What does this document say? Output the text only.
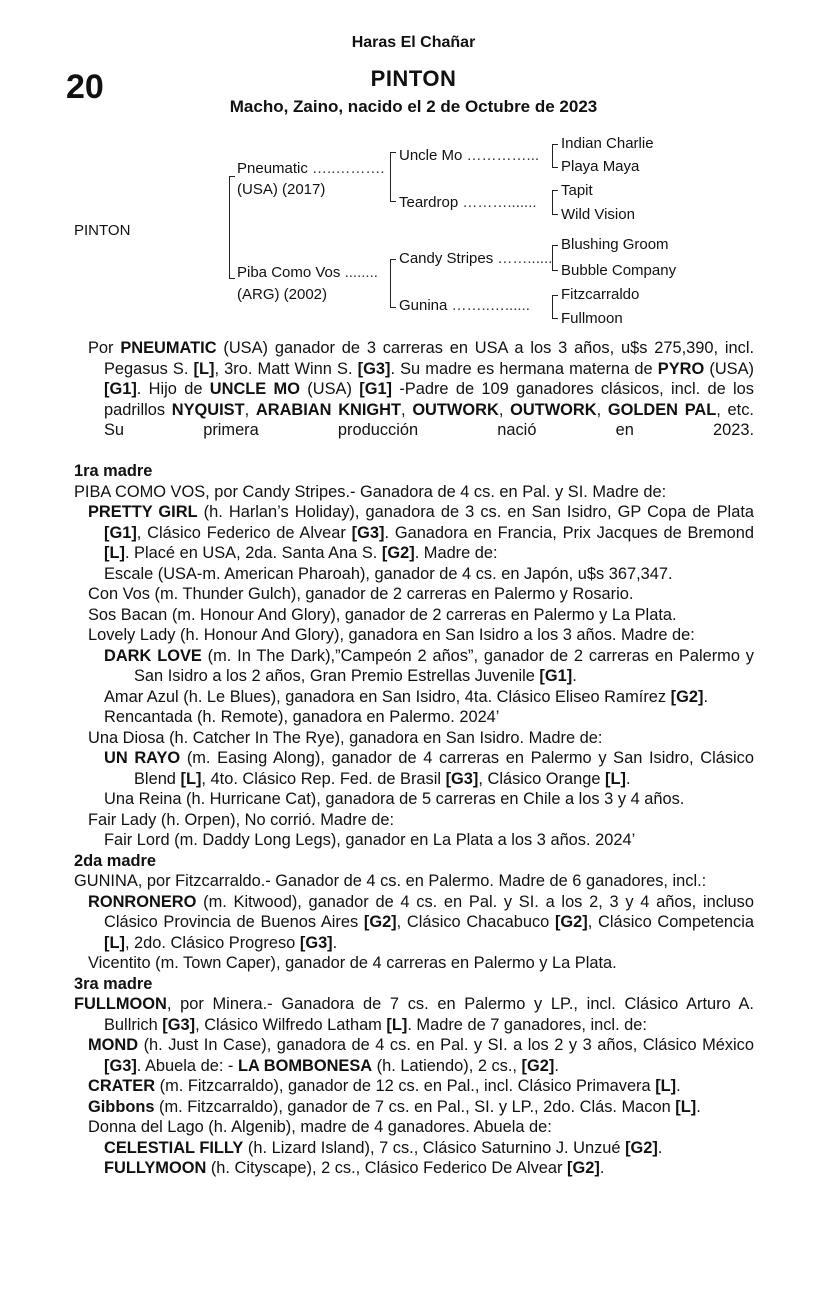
Haras El Chañar
20	PINTON
Macho, Zaino, nacido el 2 de Octubre de 2023
PINTON
Pneumatic …..……….
(USA) (2017)
Piba Como Vos ........
(ARG) (2002)
Uncle Mo …………...
Teardrop ……….......
Candy Stripes ……......
Gunina ……..…......
Indian Charlie
Playa Maya
Tapit
Wild Vision
Blushing Groom
Bubble Company
Fitzcarraldo
Fullmoon

Por PNEUMATIC (USA) ganador de 3 carreras en USA a los 3 años, u$s 275,390, incl. Pegasus S. [L], 3ro. Matt Winn S. [G3]. Su madre es hermana materna de PYRO (USA) [G1]. Hijo de UNCLE MO (USA) [G1] -Padre de 109 ganadores clásicos, incl. de los padrillos NYQUIST, ARABIAN KNIGHT, OUTWORK, OUTWORK, GOLDEN PAL, etc. Su primera producción nació en 2023.

1ra madre

PIBA COMO VOS, por Candy Stripes.- Ganadora de 4 cs. en Pal. y SI. Madre de:

PRETTY GIRL (h. Harlan’s Holiday), ganadora de 3 cs. en San Isidro, GP Copa de Plata [G1], Clásico Federico de Alvear [G3]. Ganadora en Francia, Prix Jacques de Bremond [L]. Placé en USA, 2da. Santa Ana S. [G2]. Madre de:

Escale (USA-m. American Pharoah), ganador de 4 cs. en Japón, u$s 367,347.

Con Vos (m. Thunder Gulch), ganador de 2 carreras en Palermo y Rosario.

Sos Bacan (m. Honour And Glory), ganador de 2 carreras en Palermo y La Plata.

Lovely Lady (h. Honour And Glory), ganadora en San Isidro a los 3 años. Madre de:

DARK LOVE (m. In The Dark),”Campeón 2 años”, ganador de 2 carreras en Palermo y San Isidro a los 2 años, Gran Premio Estrellas Juvenile [G1].

Amar Azul (h. Le Blues), ganadora en San Isidro, 4ta. Clásico Eliseo Ramírez [G2].

Rencantada (h. Remote), ganadora en Palermo. 2024’

Una Diosa (h. Catcher In The Rye), ganadora en San Isidro. Madre de:

UN RAYO (m. Easing Along), ganador de 4 carreras en Palermo y San Isidro, Clásico Blend [L], 4to. Clásico Rep. Fed. de Brasil [G3], Clásico Orange [L].

Una Reina (h. Hurricane Cat), ganadora de 5 carreras en Chile a los 3 y 4 años.

Fair Lady (h. Orpen), No corrió. Madre de:

Fair Lord (m. Daddy Long Legs), ganador en La Plata a los 3 años. 2024’

2da madre

GUNINA, por Fitzcarraldo.- Ganador de 4 cs. en Palermo. Madre de 6 ganadores, incl.:

RONRONERO (m. Kitwood), ganador de 4 cs. en Pal. y SI. a los 2, 3 y 4 años, incluso Clásico Provincia de Buenos Aires [G2], Clásico Chacabuco [G2], Clásico Competencia [L], 2do. Clásico Progreso [G3].

Vicentito (m. Town Caper), ganador de 4 carreras en Palermo y La Plata.

3ra madre

FULLMOON, por Minera.- Ganadora de 7 cs. en Palermo y LP., incl. Clásico Arturo A. Bullrich [G3], Clásico Wilfredo Latham [L]. Madre de 7 ganadores, incl. de:

MOND (h. Just In Case), ganadora de 4 cs. en Pal. y SI. a los 2 y 3 años, Clásico México [G3]. Abuela de: - LA BOMBONESA (h. Latiendo), 2 cs., [G2].

CRATER (m. Fitzcarraldo), ganador de 12 cs. en Pal., incl. Clásico Primavera [L].

Gibbons (m. Fitzcarraldo), ganador de 7 cs. en Pal., SI. y LP., 2do. Clás. Macon [L].

Donna del Lago (h. Algenib), madre de 4 ganadores. Abuela de:

CELESTIAL FILLY (h. Lizard Island), 7 cs., Clásico Saturnino J. Unzué [G2].

FULLYMOON (h. Cityscape), 2 cs., Clásico Federico De Alvear [G2].
